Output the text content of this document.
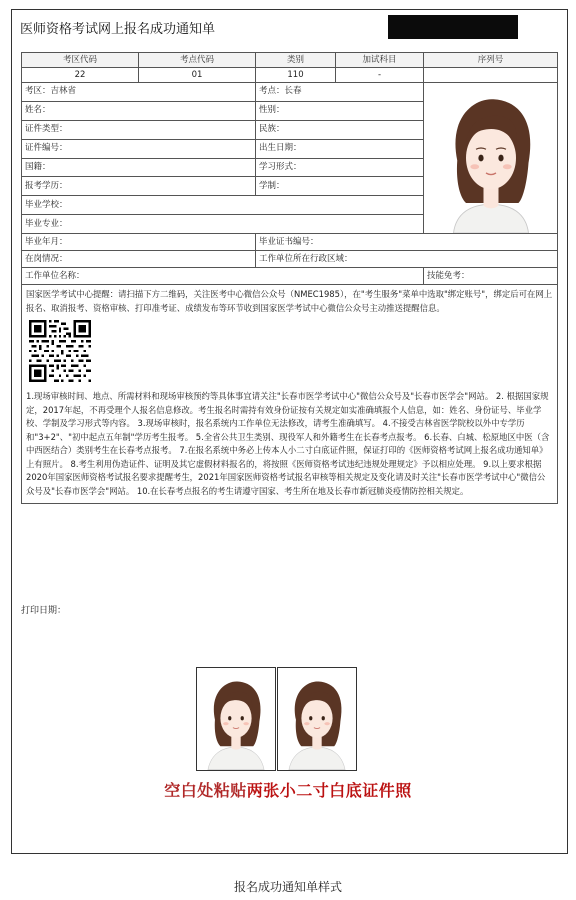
医师资格考试网上报名成功通知单
考区代码	考点代码	类别	加试科目	序列号
22	01	110	-	
考区：吉林省		考点：长春	

姓名：		性别：		
证件类型：		民族：		
证件编号：		出生日期：		
国籍：		学习形式：		
报考学历：		学制：		
毕业学校：				
毕业专业：				
毕业年月：		毕业证书编号：		
在岗情况：		工作单位所在行政区域：		
工作单位名称：				技能免考：

国家医学考试中心提醒：请扫描下方二维码，关注医考中心微信公众号（NMEC1985），在"考生服务"菜单中选取"绑定账号"，绑定后可在网上报名、取消报考、资格审核、打印准考证、成绩发布等环节收到国家医学考试中心微信公众号主动推送提醒信息。

1.现场审核时间、地点、所需材料和现场审核预约等具体事宜请关注"长春市医学考试中心"微信公众号及"长春市医学会"网站。 2. 根据国家规定，2017年起，不再受理个人报名信息修改。考生报名时需持有效身份证按有关规定如实准确填报个人信息，如：姓名、身份证号、毕业学校、学制及学习形式等内容。 3.现场审核时，报名系统内工作单位无法修改，请考生准确填写。 4.不接受吉林省医学院校以外中专学历和"3+2"、"初中起点五年制"学历考生报考。 5.全省公共卫生类别、现役军人和外籍考生在长春考点报考。 6.长春、白城、松原地区中医（含中西医结合）类别考生在长春考点报考。 7.在报名系统中务必上传本人小二寸白底证件照，保证打印的《医师资格考试网上报名成功通知单》上有照片。 8.考生利用伪造证件、证明及其它虚假材料报名的，将按照《医师资格考试违纪违规处理规定》予以相应处理。 9.以上要求根据2020年国家医师资格考试报名要求提醒考生，2021年国家医师资格考试报名审核等相关规定及变化请及时关注"长春市医学考试中心"微信公众号及"长春市医学会"网站。 10.在长春考点报名的考生请遵守国家、考生所在地及长春市新冠肺炎疫情防控相关规定。				

打印日期：
空白处粘贴两张小二寸白底证件照
报名成功通知单样式
